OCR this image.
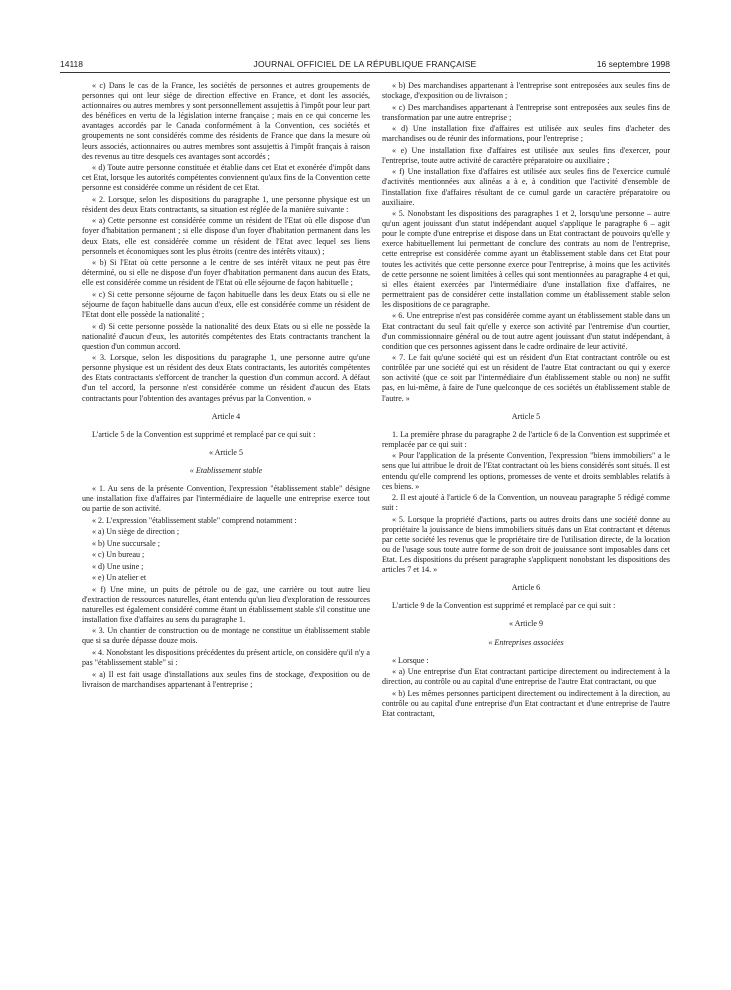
14118	JOURNAL OFFICIEL DE LA RÉPUBLIQUE FRANÇAISE	16 septembre 1998

« c) Dans le cas de la France, les sociétés de personnes et autres groupements de personnes qui ont leur siège de direction effective en France, et dont les associés, actionnaires ou autres membres y sont personnellement assujettis à l'impôt pour leur part des bénéfices en vertu de la législation interne française ; mais en ce qui concerne les avantages accordés par le Canada conformément à la Convention, ces sociétés et groupements ne sont considérés comme des résidents de France que dans la mesure où leurs associés, actionnaires ou autres membres sont assujettis à l'impôt français à raison des revenus au titre desquels ces avantages sont accordés ;

« d) Toute autre personne constituée et établie dans cet Etat et exonérée d'impôt dans cet Etat, lorsque les autorités compétentes conviennent qu'aux fins de la Convention cette personne est considérée comme un résident de cet Etat.

« 2. Lorsque, selon les dispositions du paragraphe 1, une personne physique est un résident des deux Etats contractants, sa situation est réglée de la manière suivante :

« a) Cette personne est considérée comme un résident de l'Etat où elle dispose d'un foyer d'habitation permanent ; si elle dispose d'un foyer d'habitation permanent dans les deux Etats, elle est considérée comme un résident de l'Etat avec lequel ses liens personnels et économiques sont les plus étroits (centre des intérêts vitaux) ;

« b) Si l'Etat où cette personne a le centre de ses intérêt vitaux ne peut pas être déterminé, ou si elle ne dispose d'un foyer d'habitation permanent dans aucun des Etats, elle est considérée comme un résident de l'Etat où elle séjourne de façon habituelle ;

« c) Si cette personne séjourne de façon habituelle dans les deux Etats ou si elle ne séjourne de façon habituelle dans aucun d'eux, elle est considérée comme un résident de l'Etat dont elle possède la nationalité ;

« d) Si cette personne possède la nationalité des deux Etats ou si elle ne possède la nationalité d'aucun d'eux, les autorités compétentes des Etats contractants tranchent la question d'un commun accord.

« 3. Lorsque, selon les dispositions du paragraphe 1, une personne autre qu'une personne physique est un résident des deux Etats contractants, les autorités compétentes des Etats contractants s'efforcent de trancher la question d'un commun accord. A défaut d'un tel accord, la personne n'est considérée comme un résident d'aucun des Etats contractants pour l'obtention des avantages prévus par la Convention. »

Article 4

L'article 5 de la Convention est supprimé et remplacé par ce qui suit :

« Article 5

« Etablissement stable

« 1. Au sens de la présente Convention, l'expression "établissement stable" désigne une installation fixe d'affaires par l'intermédiaire de laquelle une entreprise exerce tout ou partie de son activité.

« 2. L'expression "établissement stable" comprend notamment :

« a) Un siège de direction ;

« b) Une succursale ;

« c) Un bureau ;

« d) Une usine ;

« e) Un atelier et

« f) Une mine, un puits de pétrole ou de gaz, une carrière ou tout autre lieu d'extraction de ressources naturelles, étant entendu qu'un lieu d'exploration de ressources naturelles est également considéré comme étant un établissement stable s'il constitue une installation fixe d'affaires au sens du paragraphe 1.

« 3. Un chantier de construction ou de montage ne constitue un établissement stable que si sa durée dépasse douze mois.

« 4. Nonobstant les dispositions précédentes du présent article, on considère qu'il n'y a pas "établissement stable" si :

« a) Il est fait usage d'installations aux seules fins de stockage, d'exposition ou de livraison de marchandises appartenant à l'entreprise ;

« b) Des marchandises appartenant à l'entreprise sont entreposées aux seules fins de stockage, d'exposition ou de livraison ;

« c) Des marchandises appartenant à l'entreprise sont entreposées aux seules fins de transformation par une autre entreprise ;

« d) Une installation fixe d'affaires est utilisée aux seules fins d'acheter des marchandises ou de réunir des informations, pour l'entreprise ;

« e) Une installation fixe d'affaires est utilisée aux seules fins d'exercer, pour l'entreprise, toute autre activité de caractère préparatoire ou auxiliaire ;

« f) Une installation fixe d'affaires est utilisée aux seules fins de l'exercice cumulé d'activités mentionnées aux alinéas a à e, à condition que l'activité d'ensemble de l'installation fixe d'affaires résultant de ce cumul garde un caractère préparatoire ou auxiliaire.

« 5. Nonobstant les dispositions des paragraphes 1 et 2, lorsqu'une personne – autre qu'un agent jouissant d'un statut indépendant auquel s'applique le paragraphe 6 – agit pour le compte d'une entreprise et dispose dans un Etat contractant de pouvoirs qu'elle y exerce habituellement lui permettant de conclure des contrats au nom de l'entreprise, cette entreprise est considérée comme ayant un établissement stable dans cet Etat pour toutes les activités que cette personne exerce pour l'entreprise, à moins que les activités de cette personne ne soient limitées à celles qui sont mentionnées au paragraphe 4 et qui, si elles étaient exercées par l'intermédiaire d'une installation fixe d'affaires, ne permettraient pas de considérer cette installation comme un établissement stable selon les dispositions de ce paragraphe.

« 6. Une entreprise n'est pas considérée comme ayant un établissement stable dans un Etat contractant du seul fait qu'elle y exerce son activité par l'entremise d'un courtier, d'un commissionnaire général ou de tout autre agent jouissant d'un statut indépendant, à condition que ces personnes agissent dans le cadre ordinaire de leur activité.

« 7. Le fait qu'une société qui est un résident d'un Etat contractant contrôle ou est contrôlée par une société qui est un résident de l'autre Etat contractant ou qui y exerce son activité (que ce soit par l'intermédiaire d'un établissement stable ou non) ne suffit pas, en lui-même, à faire de l'une quelconque de ces sociétés un établissement stable de l'autre. »

Article 5

1. La première phrase du paragraphe 2 de l'article 6 de la Convention est supprimée et remplacée par ce qui suit :

« Pour l'application de la présente Convention, l'expression "biens immobiliers" a le sens que lui attribue le droit de l'Etat contractant où les biens considérés sont situés. Il est entendu qu'elle comprend les options, promesses de vente et droits semblables relatifs à ces biens. »

2. Il est ajouté à l'article 6 de la Convention, un nouveau paragraphe 5 rédigé comme suit :

« 5. Lorsque la propriété d'actions, parts ou autres droits dans une société donne au propriétaire la jouissance de biens immobiliers situés dans un Etat contractant et détenus par cette société les revenus que le propriétaire tire de l'utilisation directe, de la location ou de l'usage sous toute autre forme de son droit de jouissance sont imposables dans cet Etat. Les dispositions du présent paragraphe s'appliquent nonobstant les dispositions des articles 7 et 14. »

Article 6

L'article 9 de la Convention est supprimé et remplacé par ce qui suit :

« Article 9

« Entreprises associées

« Lorsque :

« a) Une entreprise d'un Etat contractant participe directement ou indirectement à la direction, au contrôle ou au capital d'une entreprise de l'autre Etat contractant, ou que

« b) Les mêmes personnes participent directement ou indirectement à la direction, au contrôle ou au capital d'une entreprise d'un Etat contractant et d'une entreprise de l'autre Etat contractant,
